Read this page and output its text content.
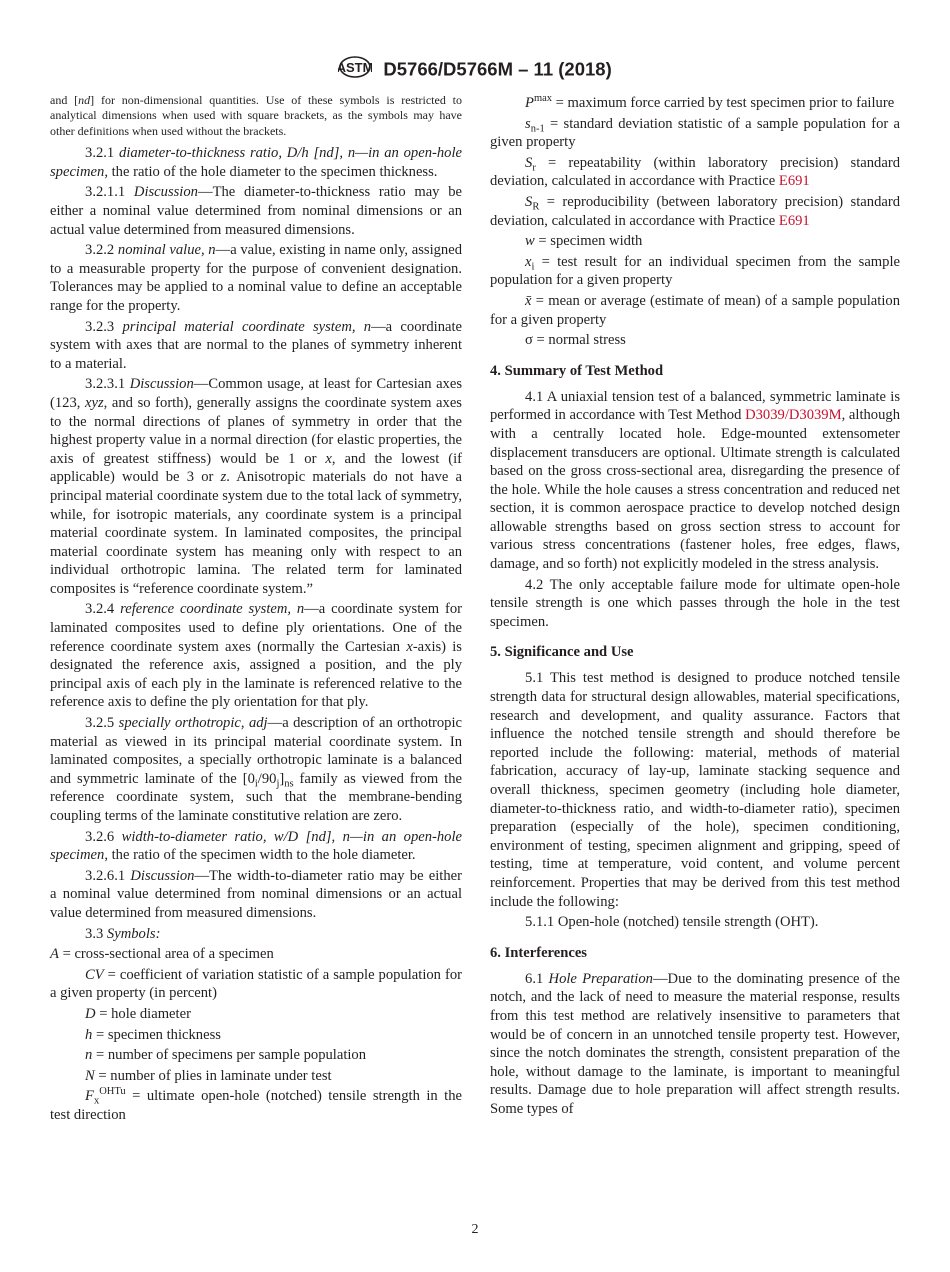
ASTM D5766/D5766M – 11 (2018)

and [nd] for non-dimensional quantities. Use of these symbols is restricted to analytical dimensions when used with square brackets, as the symbols may have other definitions when used without the brackets.

3.2.1 diameter-to-thickness ratio, D/h [nd], n—in an open-hole specimen, the ratio of the hole diameter to the specimen thickness.

3.2.1.1 Discussion—The diameter-to-thickness ratio may be either a nominal value determined from nominal dimensions or an actual value determined from measured dimensions.

3.2.2 nominal value, n—a value, existing in name only, assigned to a measurable property for the purpose of convenient designation. Tolerances may be applied to a nominal value to define an acceptable range for the property.

3.2.3 principal material coordinate system, n—a coordinate system with axes that are normal to the planes of symmetry inherent to a material.

3.2.3.1 Discussion—Common usage, at least for Cartesian axes (123, xyz, and so forth), generally assigns the coordinate system axes to the normal directions of planes of symmetry in order that the highest property value in a normal direction (for elastic properties, the axis of greatest stiffness) would be 1 or x, and the lowest (if applicable) would be 3 or z. Anisotropic materials do not have a principal material coordinate system due to the total lack of symmetry, while, for isotropic materials, any coordinate system is a principal material coordinate system. In laminated composites, the principal material coordinate system has meaning only with respect to an individual orthotropic lamina. The related term for laminated composites is “reference coordinate system.”

3.2.4 reference coordinate system, n—a coordinate system for laminated composites used to define ply orientations. One of the reference coordinate system axes (normally the Cartesian x-axis) is designated the reference axis, assigned a position, and the ply principal axis of each ply in the laminate is referenced relative to the reference axis to define the ply orientation for that ply.

3.2.5 specially orthotropic, adj—a description of an orthotropic material as viewed in its principal material coordinate system. In laminated composites, a specially orthotropic laminate is a balanced and symmetric laminate of the $[0_i/90_j]_{ns}$ family as viewed from the reference coordinate system, such that the membrane-bending coupling terms of the laminate constitutive relation are zero.

3.2.6 width-to-diameter ratio, w/D [nd], n—in an open-hole specimen, the ratio of the specimen width to the hole diameter.

3.2.6.1 Discussion—The width-to-diameter ratio may be either a nominal value determined from nominal dimensions or an actual value determined from measured dimensions.

3.3 Symbols:

A = cross-sectional area of a specimen

CV = coefficient of variation statistic of a sample population for a given property (in percent)

D = hole diameter

h = specimen thickness

n = number of specimens per sample population

N = number of plies in laminate under test

$F_x^{OHTu}$ = ultimate open-hole (notched) tensile strength in the test direction

$P^{max}$ = maximum force carried by test specimen prior to failure

$s_{n-1}$ = standard deviation statistic of a sample population for a given property

$S_r$ = repeatability (within laboratory precision) standard deviation, calculated in accordance with Practice E691

$S_R$ = reproducibility (between laboratory precision) standard deviation, calculated in accordance with Practice E691

w = specimen width

$x_i$ = test result for an individual specimen from the sample population for a given property

x̄ = mean or average (estimate of mean) of a sample population for a given property

σ = normal stress

4. Summary of Test Method

4.1 A uniaxial tension test of a balanced, symmetric laminate is performed in accordance with Test Method D3039/D3039M, although with a centrally located hole. Edge-mounted extensometer displacement transducers are optional. Ultimate strength is calculated based on the gross cross-sectional area, disregarding the presence of the hole. While the hole causes a stress concentration and reduced net section, it is common aerospace practice to develop notched design allowable strengths based on gross section stress to account for various stress concentrations (fastener holes, free edges, flaws, damage, and so forth) not explicitly modeled in the stress analysis.

4.2 The only acceptable failure mode for ultimate open-hole tensile strength is one which passes through the hole in the test specimen.

5. Significance and Use

5.1 This test method is designed to produce notched tensile strength data for structural design allowables, material specifications, research and development, and quality assurance. Factors that influence the notched tensile strength and should therefore be reported include the following: material, methods of material fabrication, accuracy of lay-up, laminate stacking sequence and overall thickness, specimen geometry (including hole diameter, diameter-to-thickness ratio, and width-to-diameter ratio), specimen preparation (especially of the hole), specimen conditioning, environment of testing, specimen alignment and gripping, speed of testing, time at temperature, void content, and volume percent reinforcement. Properties that may be derived from this test method include the following:

5.1.1 Open-hole (notched) tensile strength (OHT).

6. Interferences

6.1 Hole Preparation—Due to the dominating presence of the notch, and the lack of need to measure the material response, results from this test method are relatively insensitive to parameters that would be of concern in an unnotched tensile property test. However, since the notch dominates the strength, consistent preparation of the hole, without damage to the laminate, is important to meaningful results. Damage due to hole preparation will affect strength results. Some types of

2
